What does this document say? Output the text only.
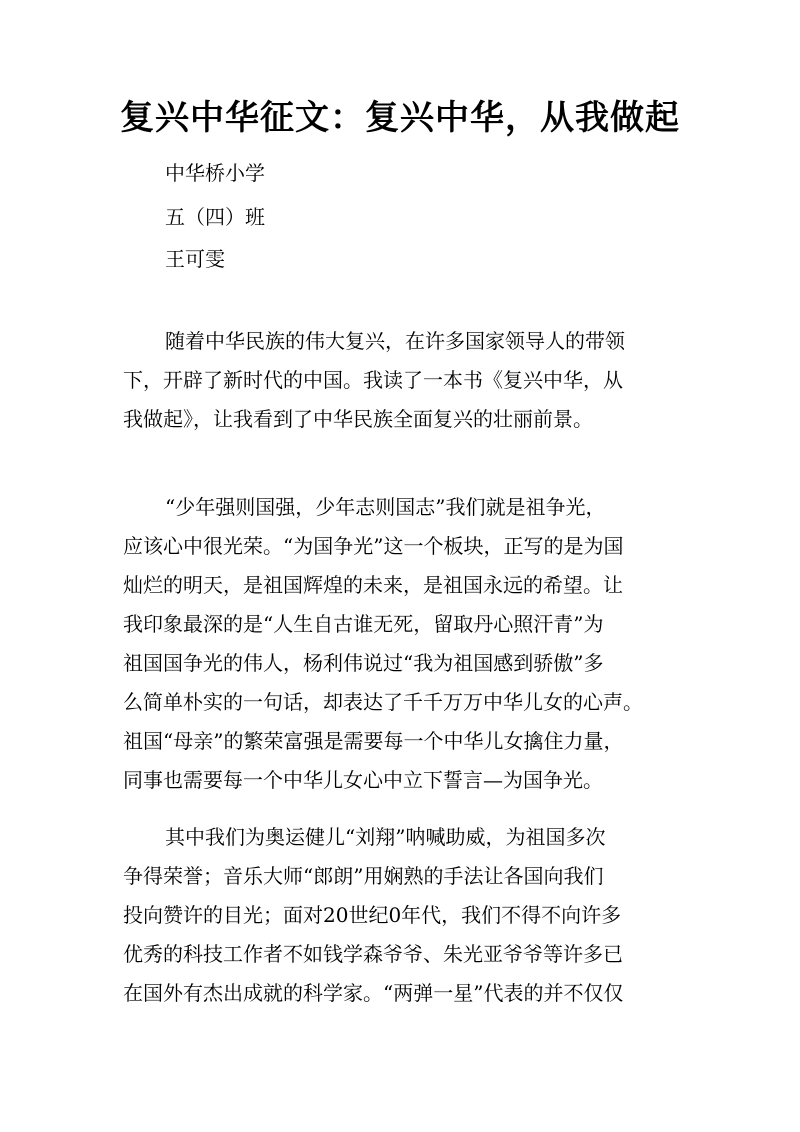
复兴中华征文：复兴中华，从我做起

中华桥小学

五（四）班

王可雯

随着中华民族的伟大复兴，在许多国家领导人的带领
下，开辟了新时代的中国。我读了一本书《复兴中华，从
我做起》，让我看到了中华民族全面复兴的壮丽前景。
“少年强则国强，少年志则国志”我们就是祖争光，
应该心中很光荣。“为国争光”这一个板块，正写的是为国
灿烂的明天，是祖国辉煌的未来，是祖国永远的希望。让
我印象最深的是“人生自古谁无死，留取丹心照汗青”为
祖国国争光的伟人，杨利伟说过“我为祖国感到骄傲”多
么简单朴实的一句话，却表达了千千万万中华儿女的心声。
祖国“母亲”的繁荣富强是需要每一个中华儿女擒住力量，
同事也需要每一个中华儿女心中立下誓言—为国争光。
其中我们为奥运健儿“刘翔”呐喊助威，为祖国多次
争得荣誉；音乐大师“郎朗”用娴熟的手法让各国向我们
投向赞许的目光；面对20世纪0年代，我们不得不向许多
优秀的科技工作者不如钱学森爷爷、朱光亚爷爷等许多已
在国外有杰出成就的科学家。“两弹一星”代表的并不仅仅
